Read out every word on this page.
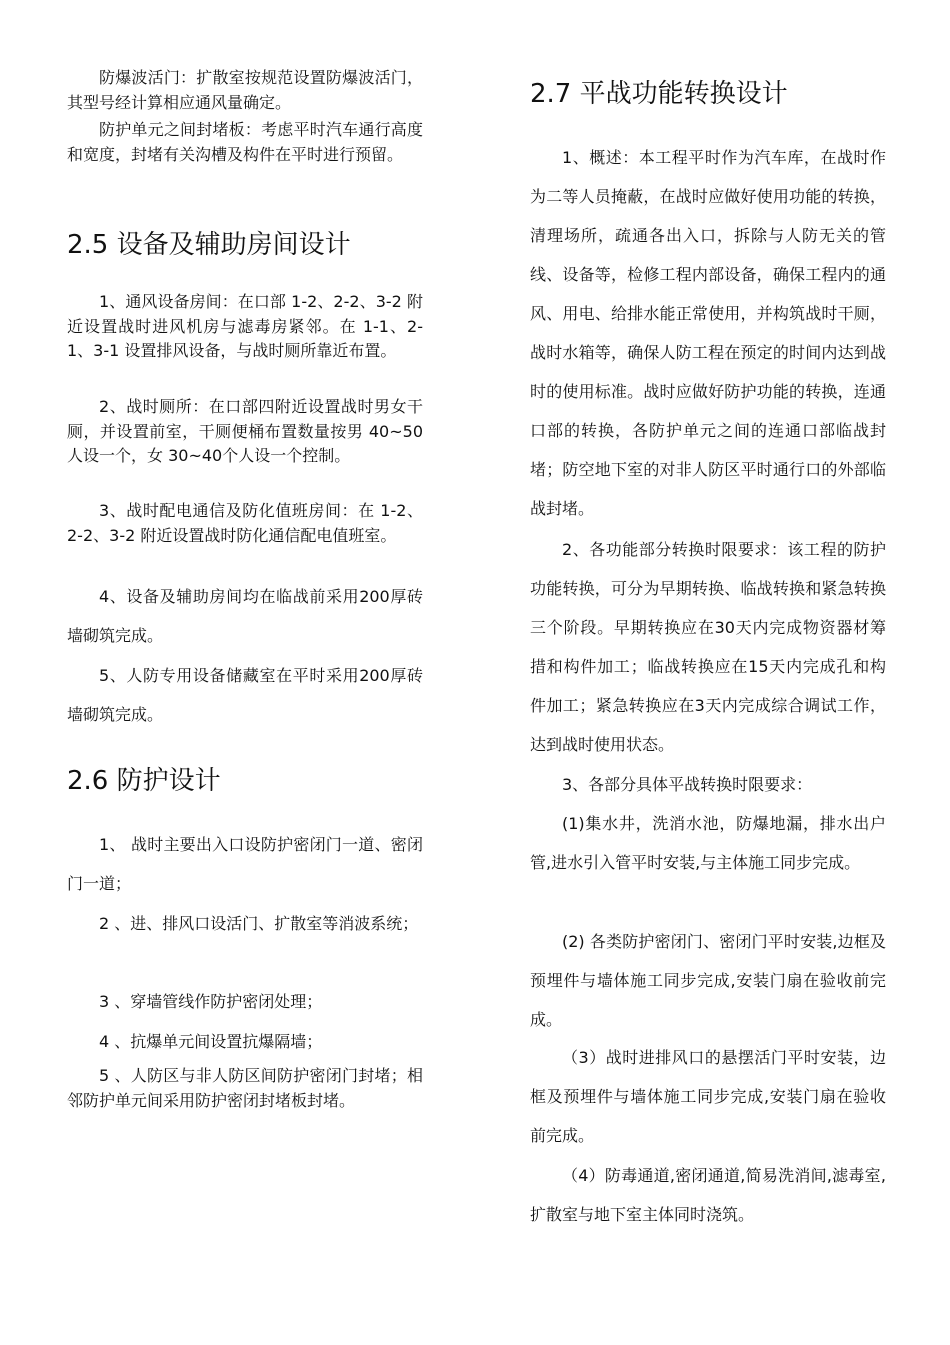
防爆波活门：扩散室按规范设置防爆波活门，其型号经计算相应通风量确定。

防护单元之间封堵板：考虑平时汽车通行高度和宽度，封堵有关沟槽及构件在平时进行预留。

2.5 设备及辅助房间设计

1、通风设备房间：在口部 1-2、2-2、3-2 附近设置战时进风机房与滤毒房紧邻。在 1-1、2-1、3-1 设置排风设备，与战时厕所靠近布置。

2、战时厕所：在口部四附近设置战时男女干厕，并设置前室，干厕便桶布置数量按男 40~50人设一个，女 30~40个人设一个控制。

3、战时配电通信及防化值班房间：在 1-2、2-2、3-2 附近设置战时防化通信配电值班室。

4、设备及辅助房间均在临战前采用200厚砖墙砌筑完成。

5、人防专用设备储藏室在平时采用200厚砖墙砌筑完成。

2.6 防护设计

1、 战时主要出入口设防护密闭门一道、密闭门一道；

2 、进、排风口设活门、扩散室等消波系统；

3 、穿墙管线作防护密闭处理；

4 、抗爆单元间设置抗爆隔墙；

5 、人防区与非人防区间防护密闭门封堵；相邻防护单元间采用防护密闭封堵板封堵。

2.7 平战功能转换设计

1、概述：本工程平时作为汽车库，在战时作为二等人员掩蔽，在战时应做好使用功能的转换，清理场所，疏通各出入口，拆除与人防无关的管线、设备等，检修工程内部设备，确保工程内的通风、用电、给排水能正常使用，并构筑战时干厕，战时水箱等，确保人防工程在预定的时间内达到战时的使用标准。战时应做好防护功能的转换，连通口部的转换，各防护单元之间的连通口部临战封堵；防空地下室的对非人防区平时通行口的外部临战封堵。

2、各功能部分转换时限要求：该工程的防护功能转换，可分为早期转换、临战转换和紧急转换三个阶段。早期转换应在30天内完成物资器材筹措和构件加工；临战转换应在15天内完成孔和构件加工；紧急转换应在3天内完成综合调试工作，达到战时使用状态。

3、各部分具体平战转换时限要求：

(1)集水井，洗消水池，防爆地漏，排水出户管,进水引入管平时安装,与主体施工同步完成。

(2) 各类防护密闭门、密闭门平时安装,边框及预埋件与墙体施工同步完成,安装门扇在验收前完成。

（3）战时进排风口的悬摆活门平时安装，边框及预埋件与墙体施工同步完成,安装门扇在验收前完成。

（4）防毒通道,密闭通道,简易洗消间,滤毒室,扩散室与地下室主体同时浇筑。
